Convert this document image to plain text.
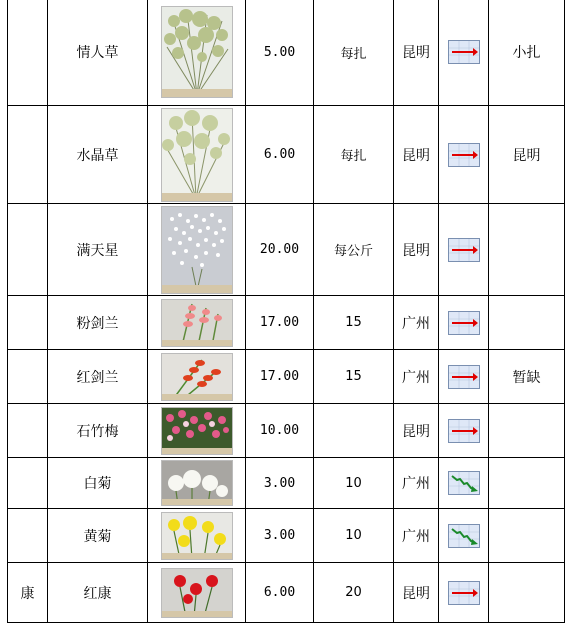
	情人草		5.00	每扎	昆明		小扎
	水晶草		6.00	每扎	昆明		昆明
	满天星		20.00	每公斤	昆明	

	粉剑兰		17.00	15	广州	

	红剑兰		17.00	15	广州		暂缺
	石竹梅		10.00		昆明	

	白菊		3.00	10	广州	

	黄菊		3.00	10	广州	

康	红康		6.00	20	昆明	
